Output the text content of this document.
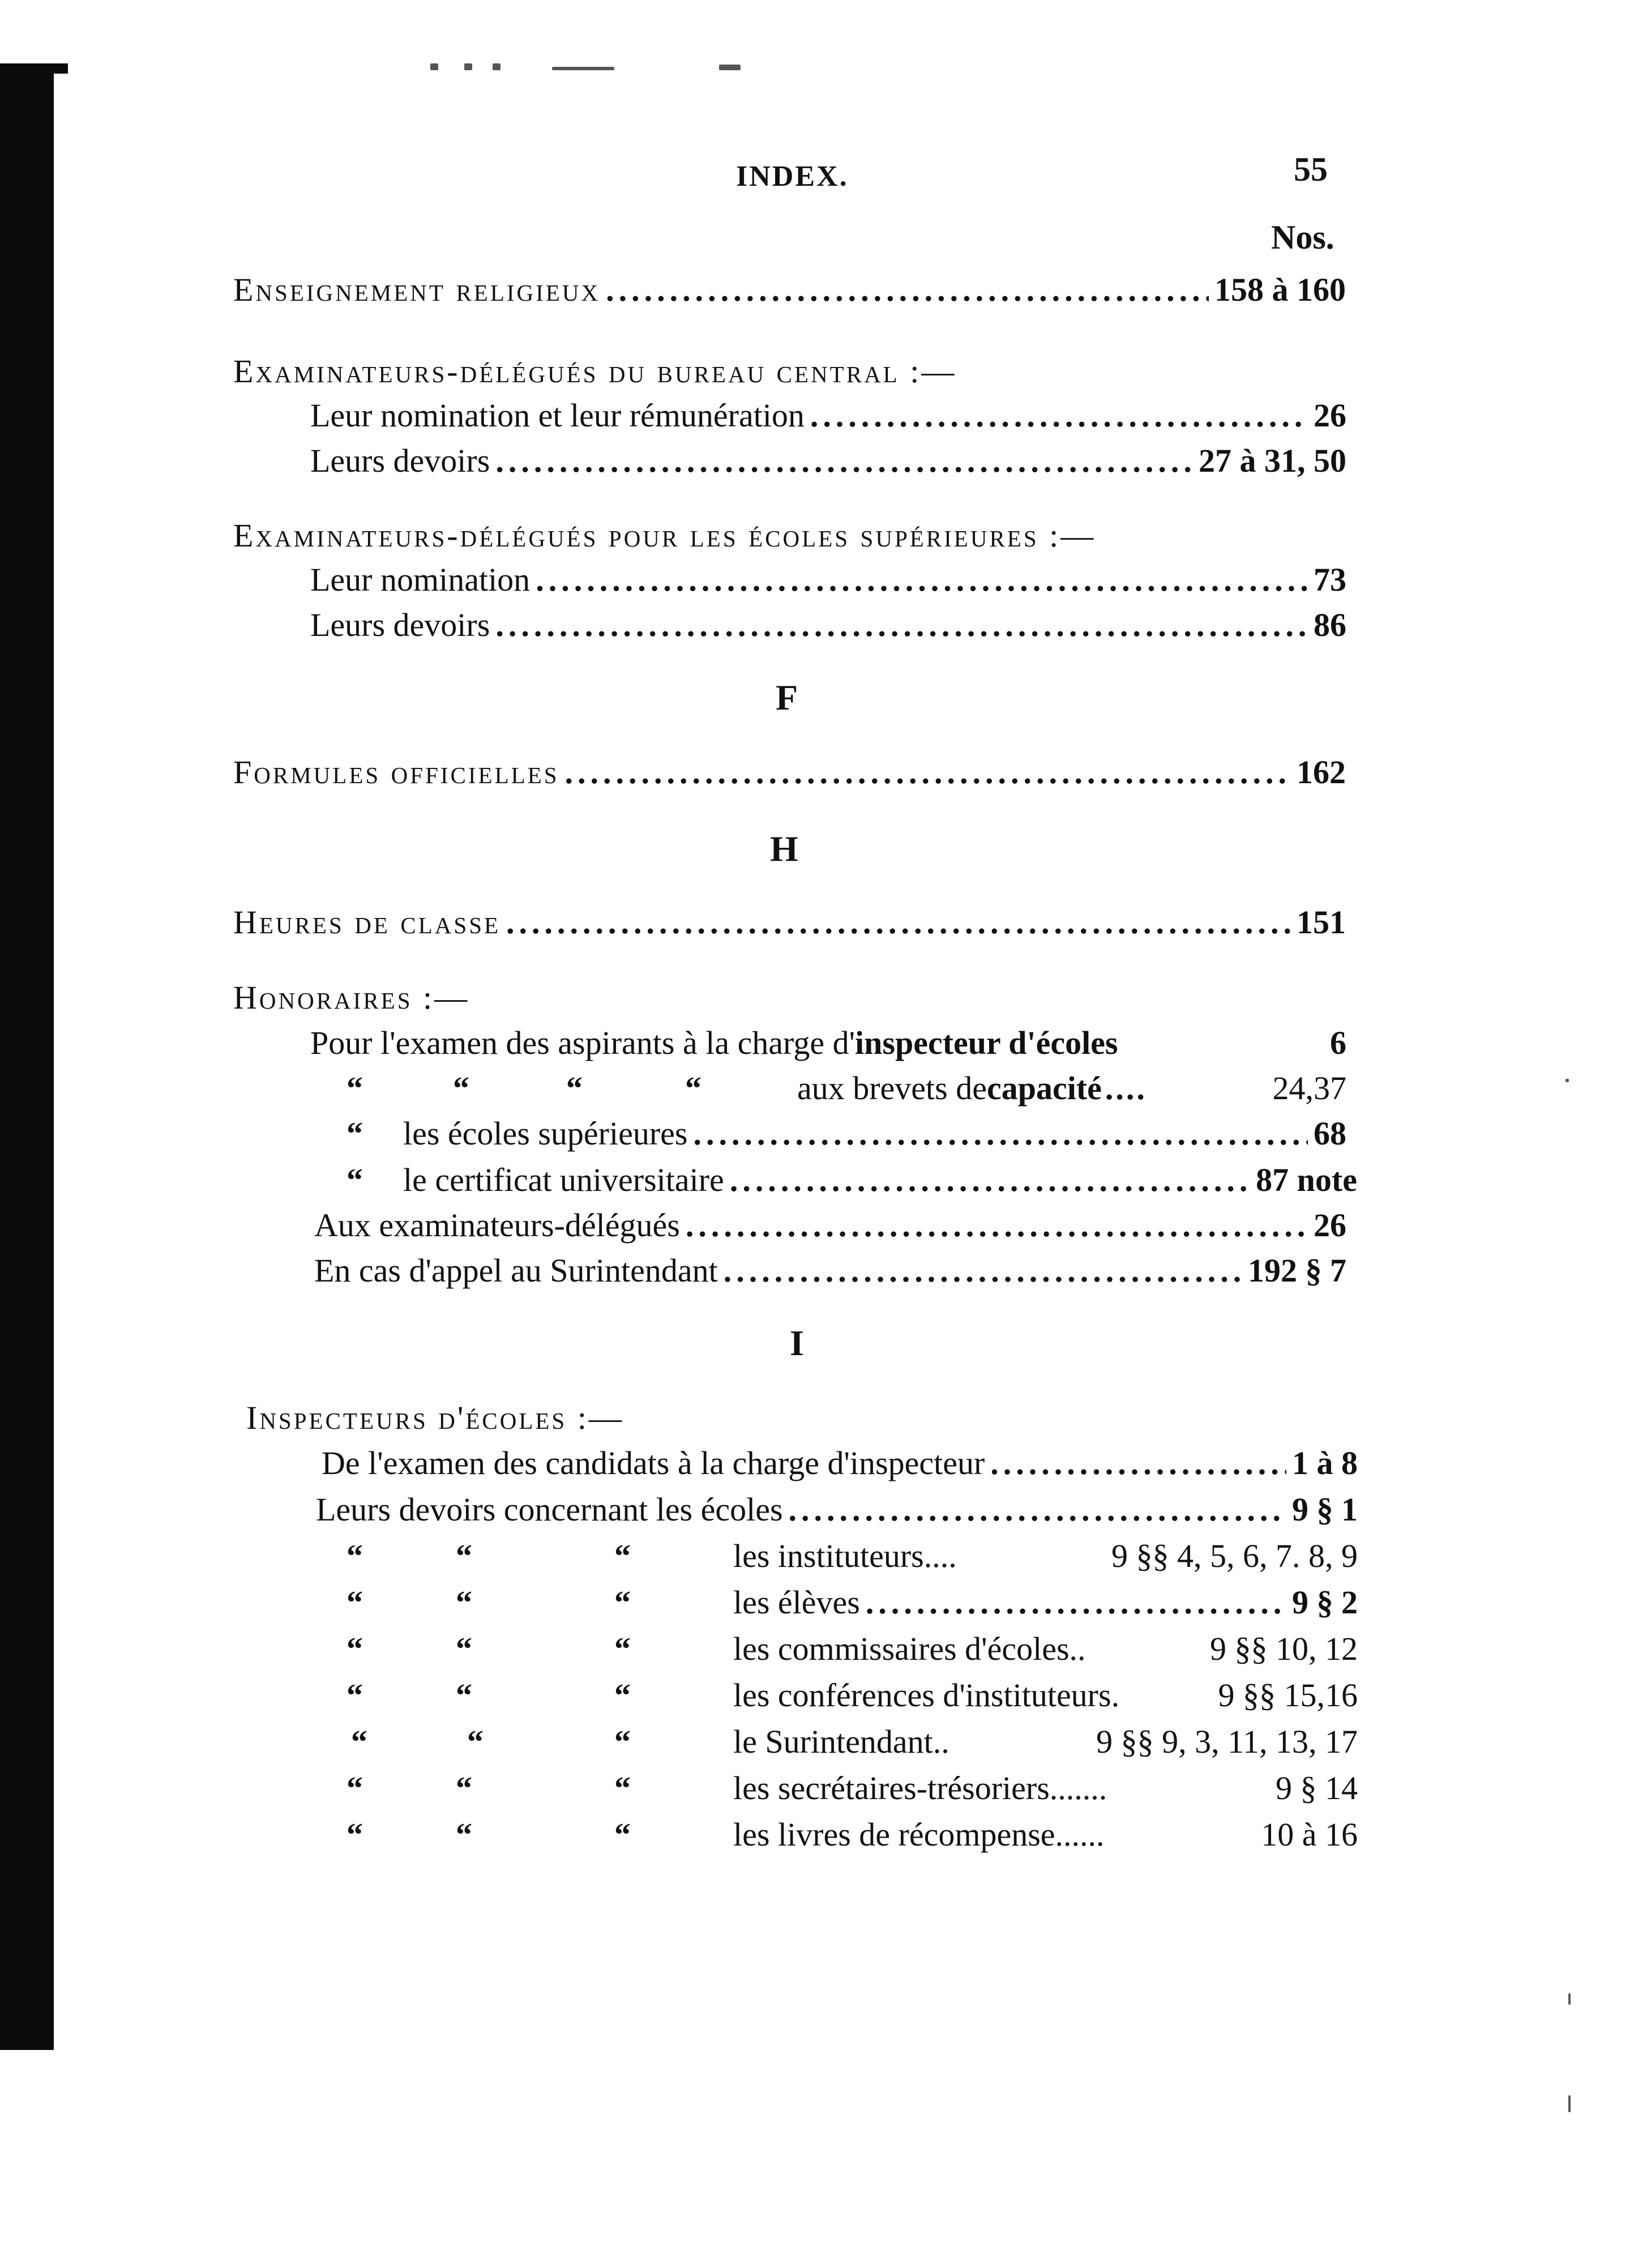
INDEX.	55
Nos.
Enseignement religieux .....	158 à 160
Examinateurs-délégués du bureau central :—
Leur nomination et leur rémunération .....	26
Leurs devoirs .....	27 à 31, 50
Examinateurs-délégués pour les écoles supérieures :—
Leur nomination .....	73
Leurs devoirs .....	86
F
Formules officielles .....	162
H
Heures de classe .....	151
Honoraires :—
Pour l'examen des aspirants à la charge d'inspecteur d'écoles	6
“	“	“	“	aux brevets de capacité ....	24,37
“ les écoles supérieures .....	68
“ le certificat universitaire .....	87 note
Aux examinateurs-délégués .....	26
En cas d'appel au Surintendant .....	192 § 7
I
Inspecteurs d'écoles :—
De l'examen des candidats à la charge d'inspecteur .....	1 à 8
Leurs devoirs concernant les écoles .....	9 § 1
“	“	“	les instituteurs....	9 §§ 4, 5, 6, 7. 8, 9
“	“	“	les élèves .....	9 § 2
“	“	“	les commissaires d'écoles..	9 §§ 10, 12
“	“	“	les conférences d'instituteurs.	9 §§ 15,16
“	“	“	le Surintendant..	9 §§ 9, 3, 11, 13, 17
“	“	“	les secrétaires-trésoriers.......	9 § 14
“	“	“	les livres de récompense......	10 à 16
